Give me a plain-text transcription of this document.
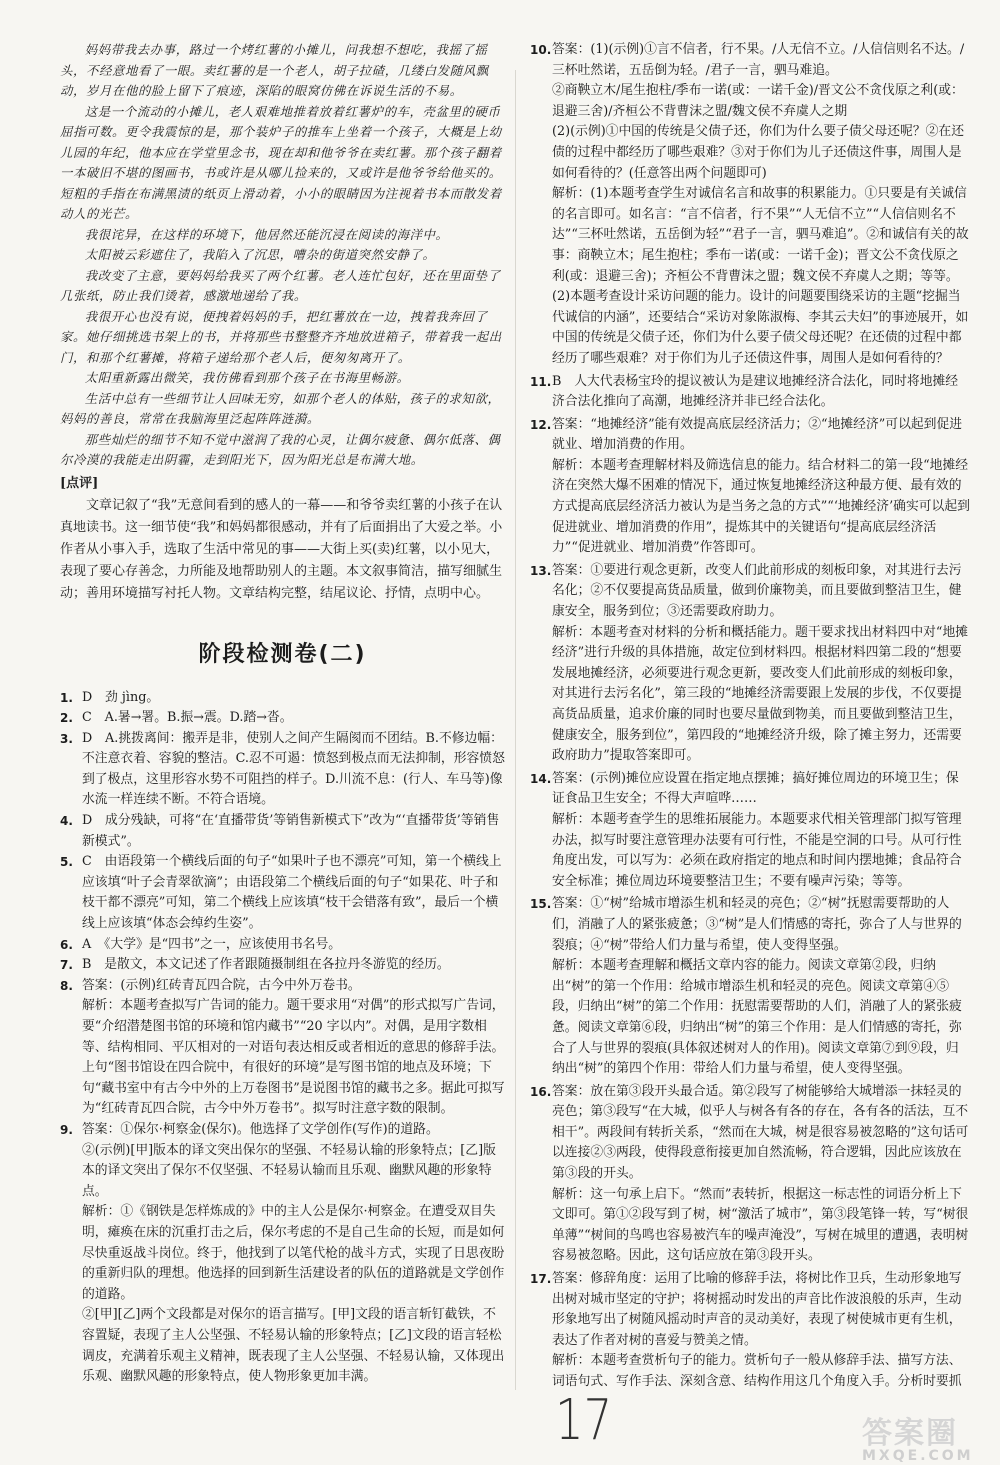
妈妈带我去办事，路过一个烤红薯的小摊儿，问我想不想吃，我摇了摇头，不经意地看了一眼。卖红薯的是一个老人，胡子拉碴，几缕白发随风飘动，岁月在他的脸上留下了痕迹，深陷的眼窝仿佛在诉说生活的不易。

这是一个流动的小摊儿，老人艰难地推着放着红薯炉的车，壳盆里的硬币屈指可数。更令我震惊的是，那个装炉子的推车上坐着一个孩子，大概是上幼儿园的年纪，他本应在学堂里念书，现在却和他爷爷在卖红薯。那个孩子翻着一本破旧不堪的图画书，书或许是从哪儿捡来的，又或许是他爷爷给他买的。短粗的手指在布满黑渍的纸页上滑动着，小小的眼睛因为注视着书本而散发着动人的光芒。

我很诧异，在这样的环境下，他居然还能沉浸在阅读的海洋中。

太阳被云彩遮住了，我陷入了沉思，嘈杂的街道突然安静了。

我改变了主意，要妈妈给我买了两个红薯。老人连忙包好，还在里面垫了几张纸，防止我们烫着，感激地递给了我。

我很开心也没有说，便拽着妈妈的手，把红薯放在一边，拽着我奔回了家。她仔细挑选书架上的书，并将那些书整整齐齐地放进箱子，带着我一起出门，和那个红薯摊，将箱子递给那个老人后，便匆匆离开了。

太阳重新露出微笑，我仿佛看到那个孩子在书海里畅游。

生活中总有一些细节让人回味无穷，如那个老人的体贴，孩子的求知欲，妈妈的善良，常常在我脑海里泛起阵阵涟漪。

那些灿烂的细节不知不觉中滋润了我的心灵，让偶尔疲惫、偶尔低落、偶尔冷漠的我能走出阴霾，走到阳光下，因为阳光总是布满大地。

[点评]

文章记叙了“我”无意间看到的感人的一幕——和爷爷卖红薯的小孩子在认真地读书。这一细节使“我”和妈妈都很感动，并有了后面捐出了大爱之举。小作者从小事入手，选取了生活中常见的事——大街上买(卖)红薯，以小见大，表现了要心存善念，力所能及地帮助别人的主题。本文叙事简洁，描写细腻生动；善用环境描写衬托人物。文章结构完整，结尾议论、抒情，点明中心。

阶段检测卷(二)
1. D　劲 jìng。
2. C　A.暑→署。B.振→震。D.踏→沓。
3. D　A.挑拨离间：搬弄是非，使别人之间产生隔阂而不团结。B.不修边幅：不注意衣着、容貌的整洁。C.忍不可遏：愤怒到极点而无法抑制，形容愤怒到了极点，这里形容水势不可阻挡的样子。D.川流不息：(行人、车马等)像水流一样连续不断。不符合语境。
4. D　成分残缺，可将“在‘直播带货’等销售新模式下”改为“‘直播带货’等销售新模式”。
5. C　由语段第一个横线后面的句子“如果叶子也不漂亮”可知，第一个横线上应该填“叶子会青翠欲滴”；由语段第二个横线后面的句子“如果花、叶子和枝干都不漂亮”可知，第二个横线上应该填“枝干会错落有致”，最后一个横线上应该填“体态会绰约生姿”。
6. A　《大学》是“四书”之一，应该使用书名号。
7. B　是散文，本文记述了作者跟随摄制组在各拉丹冬游览的经历。
8. 答案：(示例)红砖青瓦四合院，古今中外万卷书。
解析：本题考查拟写广告词的能力。题干要求用“对偶”的形式拟写广告词，要“介绍潜楚图书馆的环境和馆内藏书”“20 字以内”。对偶，是用字数相等、结构相同、平仄相对的一对语句表达相反或者相近的意思的修辞手法。上句“图书馆设在四合院中，有很好的环境”是写图书馆的地点及环境；下句“藏书室中有古今中外的上万卷图书”是说图书馆的藏书之多。据此可拟写为“红砖青瓦四合院，古今中外万卷书”。拟写时注意字数的限制。
9. 答案：①保尔·柯察金(保尔)。他选择了文学创作(写作)的道路。
②(示例)[甲]版本的译文突出保尔的坚强、不轻易认输的形象特点；[乙]版本的译文突出了保尔不仅坚强、不轻易认输而且乐观、幽默风趣的形象特点。
解析：①《钢铁是怎样炼成的》中的主人公是保尔·柯察金。在遭受双目失明，瘫痪在床的沉重打击之后，保尔考虑的不是自己生命的长短，而是如何尽快重返战斗岗位。终于，他找到了以笔代枪的战斗方式，实现了日思夜盼的重新归队的理想。他选择的回到新生活建设者的队伍的道路就是文学创作的道路。
②[甲][乙]两个文段都是对保尔的语言描写。[甲]文段的语言斩钉截铁，不容置疑，表现了主人公坚强、不轻易认输的形象特点；[乙]文段的语言轻松调皮，充满着乐观主义精神，既表现了主人公坚强、不轻易认输，又体现出乐观、幽默风趣的形象特点，使人物形象更加丰满。
10. 答案：(1)(示例)①言不信者，行不果。/人无信不立。/人信信则名不达。/三杯吐然诺，五岳倒为轻。/君子一言，驷马难追。
②商鞅立木/尾生抱柱/季布一诺(或：一诺千金)/晋文公不贪伐原之利(或：退避三舍)/齐桓公不背曹沫之盟/魏文侯不弃虞人之期
(2)(示例)①中国的传统是父债子还，你们为什么要子债父母还呢？②在还债的过程中都经历了哪些艰难？③对于你们为儿子还债这件事，周围人是如何看待的？(任意答出两个问题即可)
解析：(1)本题考查学生对诚信名言和故事的积累能力。①只要是有关诚信的名言即可。如名言：“言不信者，行不果”“人无信不立”“人信信则名不达”“三杯吐然诺，五岳倒为轻”“君子一言，驷马难追”。②和诚信有关的故事：商鞅立木；尾生抱柱；季布一诺(或：一诺千金)；晋文公不贪伐原之利(或：退避三舍)；齐桓公不背曹沫之盟；魏文侯不弃虞人之期；等等。
(2)本题考查设计采访问题的能力。设计的问题要围绕采访的主题“挖掘当代诚信的内涵”，还要结合“采访对象陈淑梅、李其云夫妇”的事迹展开，如中国的传统是父债子还，你们为什么要子债父母还呢？在还债的过程中都经历了哪些艰难？对于你们为儿子还债这件事，周围人是如何看待的？
11. B　人大代表杨宝玲的提议被认为是建议地摊经济合法化，同时将地摊经济合法化推向了高潮，地摊经济并非已经合法化。
12. 答案：“地摊经济”能有效提高底层经济活力；②“地摊经济”可以起到促进就业、增加消费的作用。
解析：本题考查理解材料及筛选信息的能力。结合材料二的第一段“地摊经济在突然大爆不困难的情况下，通过恢复地摊经济这种最方便、最有效的方式提高底层经济活力被认为是当务之急的方式”“‘地摊经济’确实可以起到促进就业、增加消费的作用”，提炼其中的关键语句“提高底层经济活力”“促进就业、增加消费”作答即可。
13. 答案：①要进行观念更新，改变人们此前形成的刻板印象，对其进行去污名化；②不仅要提高货品质量，做到价廉物美，而且要做到整洁卫生，健康安全，服务到位；③还需要政府助力。
解析：本题考查对材料的分析和概括能力。题干要求找出材料四中对“地摊经济”进行升级的具体措施，故定位到材料四。根据材料四第二段的“想要发展地摊经济，必须要进行观念更新，要改变人们此前形成的刻板印象，对其进行去污名化”，第三段的“地摊经济需要跟上发展的步伐，不仅要提高货品质量，追求价廉的同时也要尽量做到物美，而且要做到整洁卫生，健康安全，服务到位”，第四段的“地摊经济升级，除了摊主努力，还需要政府助力”提取答案即可。
14. 答案：(示例)摊位应设置在指定地点摆摊；搞好摊位周边的环境卫生；保证食品卫生安全；不得大声喧哗……
解析：本题考查学生的思维拓展能力。本题要求代相关管理部门拟写管理办法，拟写时要注意管理办法要有可行性，不能是空洞的口号。从可行性角度出发，可以写为：必须在政府指定的地点和时间内摆地摊；食品符合安全标准；摊位周边环境要整洁卫生；不要有噪声污染；等等。
15. 答案：①“树”给城市增添生机和轻灵的亮色；②“树”抚慰需要帮助的人们，消融了人的紧张疲惫；③“树”是人们情感的寄托，弥合了人与世界的裂痕；④“树”带给人们力量与希望，使人变得坚强。
解析：本题考查理解和概括文章内容的能力。阅读文章第②段，归纳出“树”的第一个作用：给城市增添生机和轻灵的亮色。阅读文章第④⑤段，归纳出“树”的第二个作用：抚慰需要帮助的人们，消融了人的紧张疲惫。阅读文章第⑥段，归纳出“树”的第三个作用：是人们情感的寄托，弥合了人与世界的裂痕(具体叙述树对人的作用)。阅读文章第⑦到⑨段，归纳出“树”的第四个作用：带给人们力量与希望，使人变得坚强。
16. 答案：放在第③段开头最合适。第②段写了树能够给大城增添一抹轻灵的亮色；第③段写“在大城，似乎人与树各有各的存在，各有各的活法，互不相干”。两段间有转折关系，“然而在大城，树是很容易被忽略的”这句话可以连接②③两段，使得段意衔接更加自然流畅，符合逻辑，因此应该放在第③段的开头。
解析：这一句承上启下。“然而”表转折，根据这一标志性的词语分析上下文即可。第①②段写到了树，树“激活了城市”，第③段笔锋一转，写“树很单薄”“树间的鸟鸣也容易被汽车的噪声淹没”，写树在城里的遭遇，表明树容易被忽略。因此，这句话应放在第③段开头。
17. 答案：修辞角度：运用了比喻的修辞手法，将树比作卫兵，生动形象地写出树对城市坚定的守护；将树摇动时发出的声音比作波浪般的乐声，生动形象地写出了树随风摇动时声音的灵动美好，表现了树使城市更有生机，表达了作者对树的喜爱与赞美之情。
解析：本题考查赏析句子的能力。赏析句子一般从修辞手法、描写方法、词语句式、写作手法、深刻含意、结构作用这几个角度入手。分析时要抓
17	答案圈
MXQE.COM
